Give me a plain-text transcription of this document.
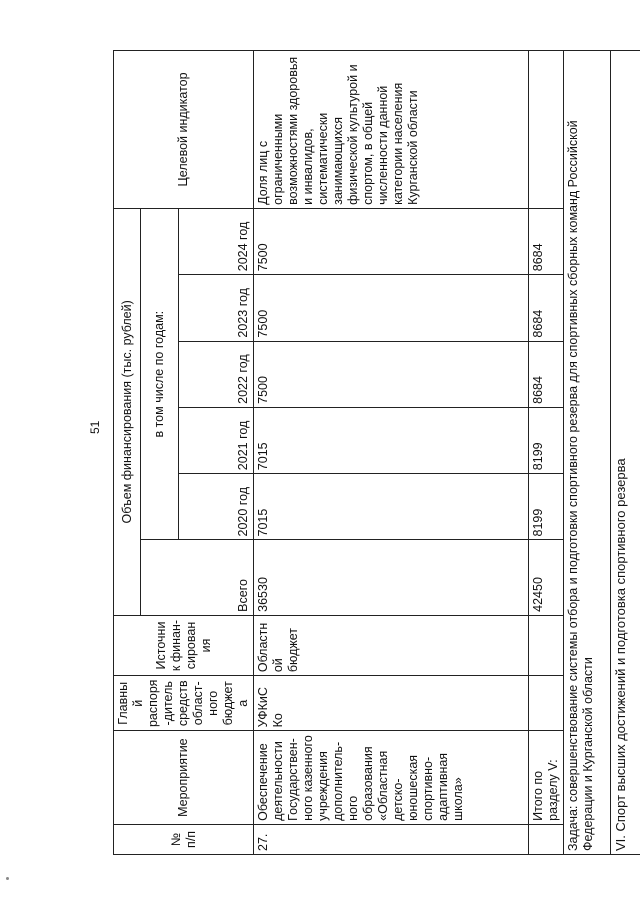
51
№ п/п	Мероприятие	Главный распоря-дитель средств област-ного бюджета	Источник финан-сирования	Объем финансирования (тыс. рублей)						Целевой индикатор
				Всего	в том числе по годам:					
					2020 год	2021 год	2022 год	2023 год	2024 год	
27.	Обеспечение деятельности Государствен-ного казенного учреждения дополнитель-ного образования «Областная детско-юношеская спортивно-адаптивная школа»	УФКиС Ко	Областной бюджет	36530	7015	7015	7500	7500	7500	Доля лиц с ограниченными возможностями здоровья и инвалидов, систематически занимающихся физической культурой и спортом, в общей численности данной категории населения Курганской области
	Итого по разделу V:			42450	8199	8199	8684	8684	8684	
Задача: совершенствование системы отбора и подготовки спортивного резерва для спортивных сборных команд Российской Федерации и Курганской области										
VI. Спорт высших достижений и подготовка спортивного резерва										
